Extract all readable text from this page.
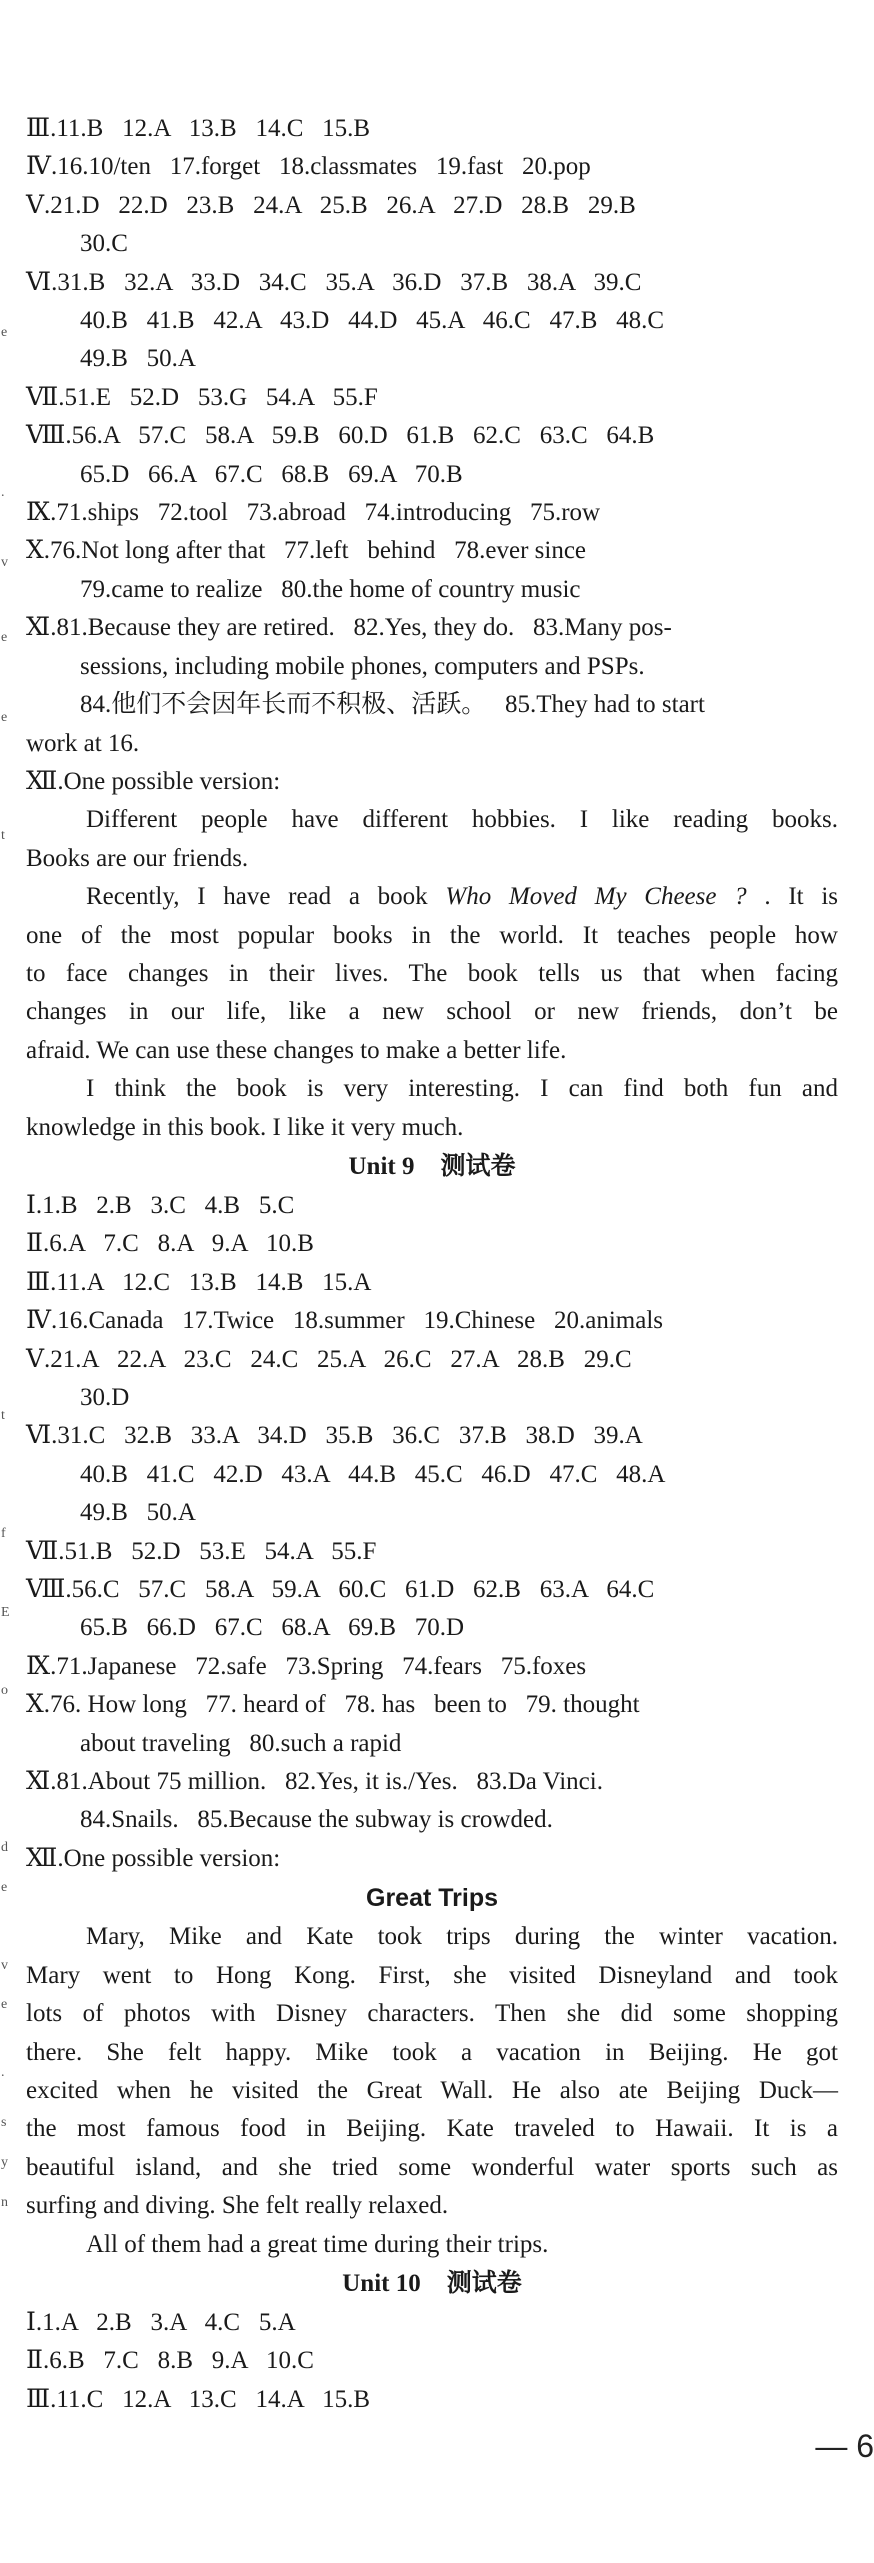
e
.
v
e
e
t
t
f
E
o
d
e
v
e
.
s
y
n
Ⅲ.11.B   12.A   13.B   14.C   15.B
Ⅳ.16.10/ten   17.forget   18.classmates   19.fast   20.pop
Ⅴ.21.D   22.D   23.B   24.A   25.B   26.A   27.D   28.B   29.B
30.C
Ⅵ.31.B   32.A   33.D   34.C   35.A   36.D   37.B   38.A   39.C
40.B   41.B   42.A   43.D   44.D   45.A   46.C   47.B   48.C
49.B   50.A
Ⅶ.51.E   52.D   53.G   54.A   55.F
Ⅷ.56.A   57.C   58.A   59.B   60.D   61.B   62.C   63.C   64.B
65.D   66.A   67.C   68.B   69.A   70.B
Ⅸ.71.ships   72.tool   73.abroad   74.introducing   75.row
Ⅹ.76.Not long after that   77.left   behind   78.ever since
79.came to realize   80.the home of country music
Ⅺ.81.Because they are retired.   82.Yes, they do.   83.Many pos-
sessions, including mobile phones, computers and PSPs.
84.他们不会因年长而不积极、活跃。   85.They had to start
work at 16.
Ⅻ.One possible version:
Different people have different hobbies. I like reading books.
Books are our friends.
Recently, I have read a book Who Moved My Cheese ? . It is
one of the most popular books in the world. It teaches people how
to face changes in their lives. The book tells us that when facing
changes in our life, like a new school or new friends, don’t be
afraid. We can use these changes to make a better life.
I think the book is very interesting. I can find both fun and
knowledge in this book. I like it very much.
Unit 9 测试卷
Ⅰ.1.B   2.B   3.C   4.B   5.C
Ⅱ.6.A   7.C   8.A   9.A   10.B
Ⅲ.11.A   12.C   13.B   14.B   15.A
Ⅳ.16.Canada   17.Twice   18.summer   19.Chinese   20.animals
Ⅴ.21.A   22.A   23.C   24.C   25.A   26.C   27.A   28.B   29.C
30.D
Ⅵ.31.C   32.B   33.A   34.D   35.B   36.C   37.B   38.D   39.A
40.B   41.C   42.D   43.A   44.B   45.C   46.D   47.C   48.A
49.B   50.A
Ⅶ.51.B   52.D   53.E   54.A   55.F
Ⅷ.56.C   57.C   58.A   59.A   60.C   61.D   62.B   63.A   64.C
65.B   66.D   67.C   68.A   69.B   70.D
Ⅸ.71.Japanese   72.safe   73.Spring   74.fears   75.foxes
Ⅹ.76. How long   77. heard of   78. has   been to   79. thought
about traveling   80.such a rapid
Ⅺ.81.About 75 million.   82.Yes, it is./Yes.   83.Da Vinci.
84.Snails.   85.Because the subway is crowded.
Ⅻ.One possible version:
Great Trips
Mary, Mike and Kate took trips during the winter vacation.
Mary went to Hong Kong. First, she visited Disneyland and took
lots of photos with Disney characters. Then she did some shopping
there. She felt happy. Mike took a vacation in Beijing. He got
excited when he visited the Great Wall. He also ate Beijing Duck—
the most famous food in Beijing. Kate traveled to Hawaii. It is a
beautiful island, and she tried some wonderful water sports such as
surfing and diving. She felt really relaxed.
All of them had a great time during their trips.
Unit 10 测试卷
Ⅰ.1.A   2.B   3.A   4.C   5.A
Ⅱ.6.B   7.C   8.B   9.A   10.C
Ⅲ.11.C   12.A   13.C   14.A   15.B
— 6
